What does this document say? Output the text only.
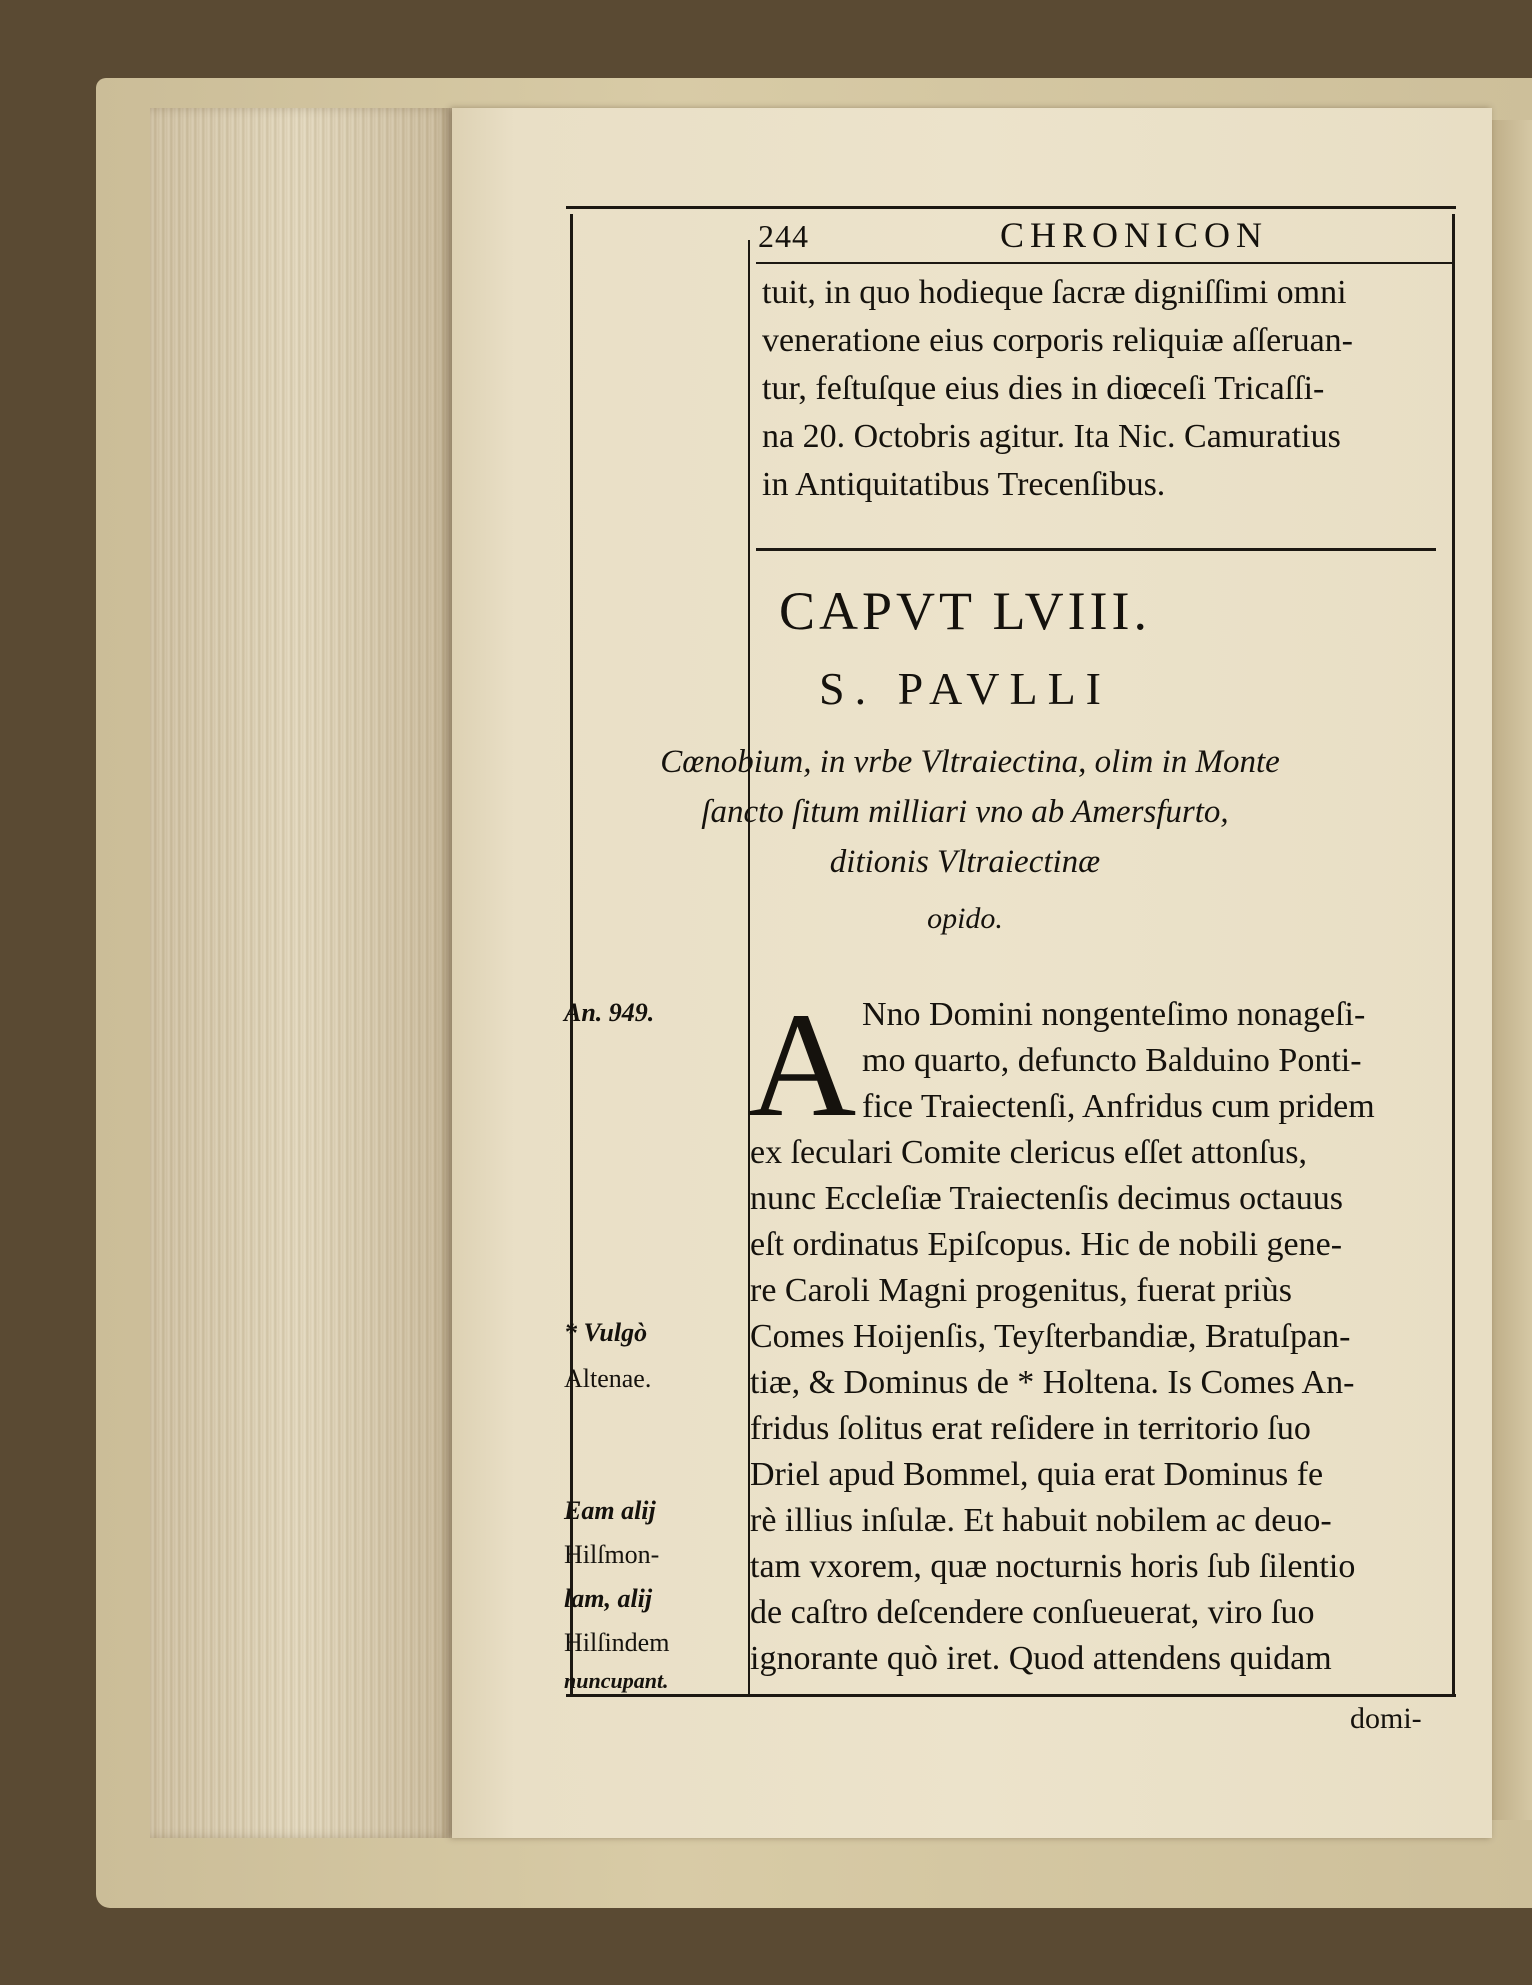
244	CHRONICON
tuit, in quo hodieque ſacræ digniſſimi omni
veneratione eius corporis reliquiæ aſſeruan-
tur, feſtuſque eius dies in diœceſi Tricaſſi-
na 20. Octobris agitur. Ita Nic. Camuratius
in Antiquitatibus Trecenſibus.
CAPVT LVIII.
S. PAVLLI
Cœnobium, in vrbe Vltraiectina, olim in Monte
ſancto ſitum milliari vno ab Amersfurto,
ditionis Vltraiectinæ
opido.
A Nno Domini nongenteſimo nonageſi-
mo quarto, defuncto Balduino Ponti-
fice Traiectenſi, Anfridus cum pridem
ex ſeculari Comite clericus eſſet attonſus,
nunc Eccleſiæ Traiectenſis decimus octauus
eſt ordinatus Epiſcopus. Hic de nobili gene-
re Caroli Magni progenitus, fuerat priùs
Comes Hoijenſis, Teyſterbandiæ, Bratuſpan-
tiæ, & Dominus de * Holtena. Is Comes An-
fridus ſolitus erat reſidere in territorio ſuo
Driel apud Bommel, quia erat Dominus fe
rè illius inſulæ. Et habuit nobilem ac deuo-
tam vxorem, quæ nocturnis horis ſub ſilentio
de caſtro deſcendere conſueuerat, viro ſuo
ignorante quò iret. Quod attendens quidam
domi-
An. 949.
* Vulgò
Altenae.
Eam alij
Hilſmon-
lam, alij
Hilſindem
nuncupant.
